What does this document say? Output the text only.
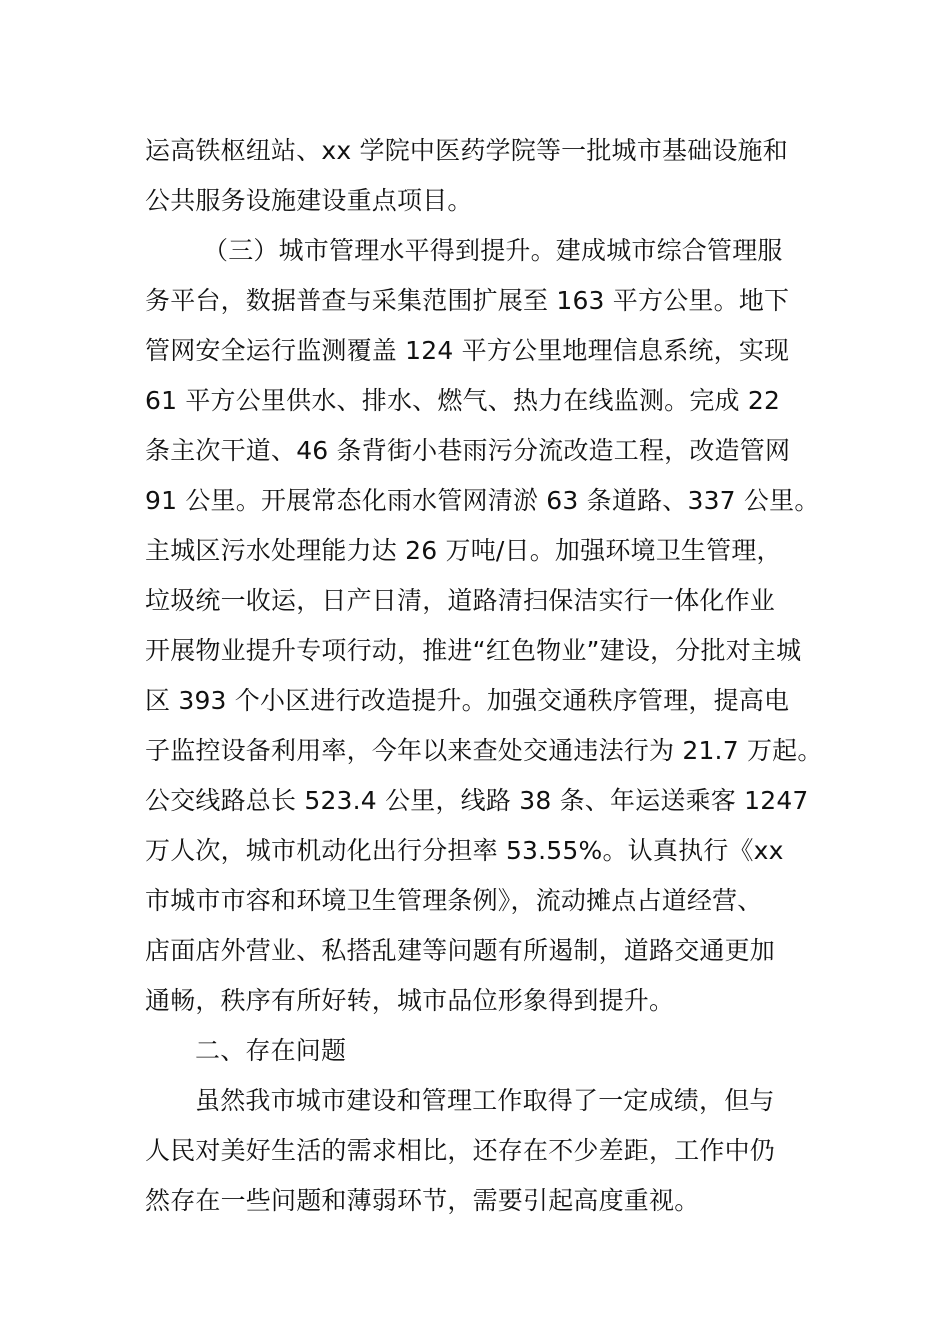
运高铁枢纽站、xx 学院中医药学院等一批城市基础设施和
公共服务设施建设重点项目。
（三）城市管理水平得到提升。建成城市综合管理服
务平台，数据普查与采集范围扩展至 163 平方公里。地下
管网安全运行监测覆盖 124 平方公里地理信息系统，实现
61 平方公里供水、排水、燃气、热力在线监测。完成 22
条主次干道、46 条背街小巷雨污分流改造工程，改造管网
91 公里。开展常态化雨水管网清淤 63 条道路、337 公里。
主城区污水处理能力达 26 万吨/日。加强环境卫生管理，
垃圾统一收运，日产日清，道路清扫保洁实行一体化作业
开展物业提升专项行动，推进“红色物业”建设，分批对主城
区 393 个小区进行改造提升。加强交通秩序管理，提高电
子监控设备利用率，今年以来查处交通违法行为 21.7 万起。
公交线路总长 523.4 公里，线路 38 条、年运送乘客 1247
万人次，城市机动化出行分担率 53.55%。认真执行《xx
市城市市容和环境卫生管理条例》，流动摊点占道经营、
店面店外营业、私搭乱建等问题有所遏制，道路交通更加
通畅，秩序有所好转，城市品位形象得到提升。
二、存在问题
虽然我市城市建设和管理工作取得了一定成绩，但与
人民对美好生活的需求相比，还存在不少差距，工作中仍
然存在一些问题和薄弱环节，需要引起高度重视。
